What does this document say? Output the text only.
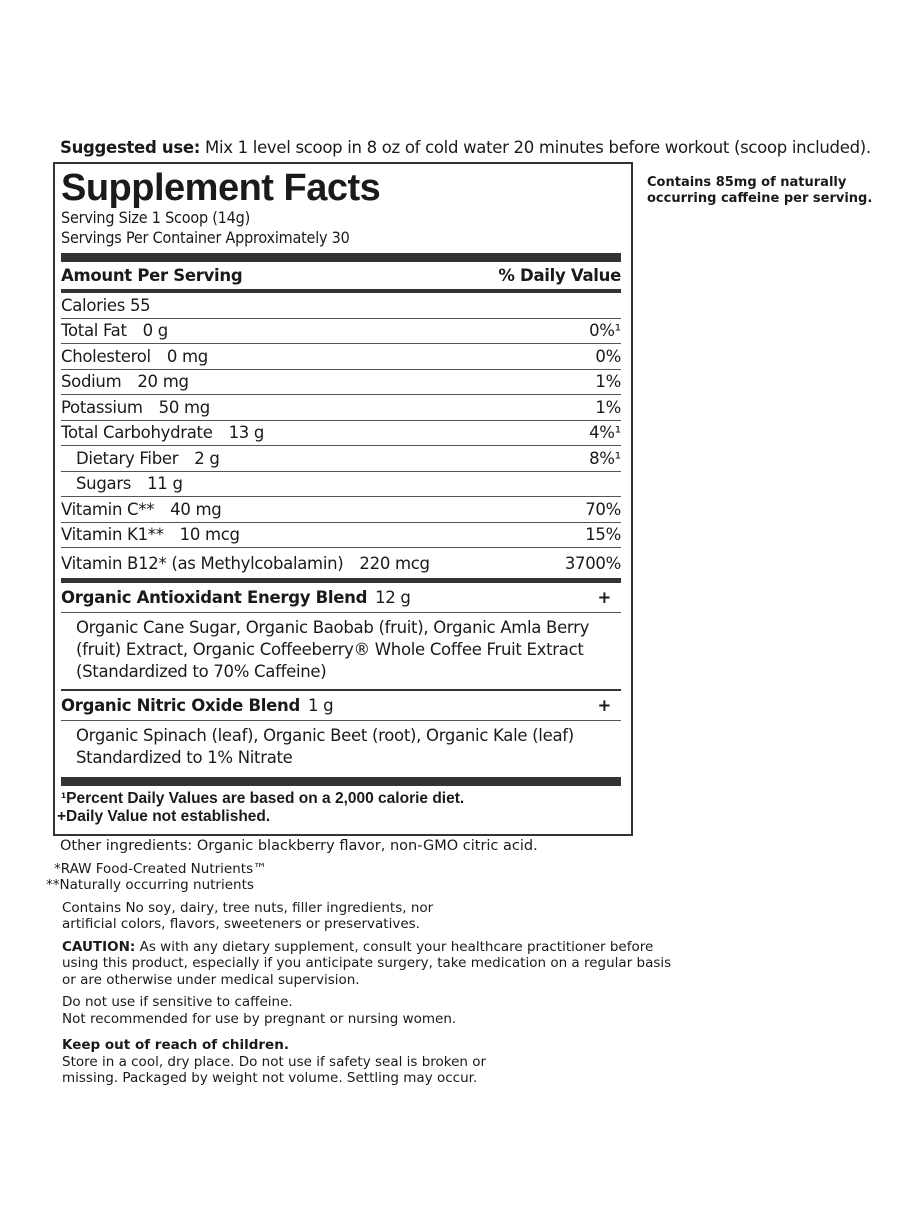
Suggested use: Mix 1 level scoop in 8 oz of cold water 20 minutes before workout (scoop included).
Contains 85mg of naturally occurring caffeine per serving.
Supplement Facts
Serving Size 1 Scoop (14g)
Servings Per Container Approximately 30
Amount Per Serving	% Daily Value
Calories 55
Total Fat 0 g	0%¹
Cholesterol 0 mg	0%
Sodium 20 mg	1%
Potassium 50 mg	1%
Total Carbohydrate 13 g	4%¹
Dietary Fiber 2 g	8%¹
Sugars 11 g
Vitamin C** 40 mg	70%
Vitamin K1** 10 mcg	15%
Vitamin B12* (as Methylcobalamin) 220 mcg	3700%
Organic Antioxidant Energy Blend 12 g	+
Organic Cane Sugar, Organic Baobab (fruit), Organic Amla Berry (fruit) Extract, Organic Coffeeberry® Whole Coffee Fruit Extract (Standardized to 70% Caffeine)
Organic Nitric Oxide Blend 1 g	+
Organic Spinach (leaf), Organic Beet (root), Organic Kale (leaf) Standardized to 1% Nitrate
¹Percent Daily Values are based on a 2,000 calorie diet.
+Daily Value not established.

Other ingredients: Organic blackberry flavor, non-GMO citric acid.

*RAW Food-Created Nutrients™

**Naturally occurring nutrients

Contains No soy, dairy, tree nuts, filler ingredients, nor artificial colors, flavors, sweeteners or preservatives.

CAUTION: As with any dietary supplement, consult your healthcare practitioner before using this product, especially if you anticipate surgery, take medication on a regular basis or are otherwise under medical supervision.

Do not use if sensitive to caffeine.

Not recommended for use by pregnant or nursing women.

Keep out of reach of children.

Store in a cool, dry place. Do not use if safety seal is broken or missing. Packaged by weight not volume. Settling may occur.
